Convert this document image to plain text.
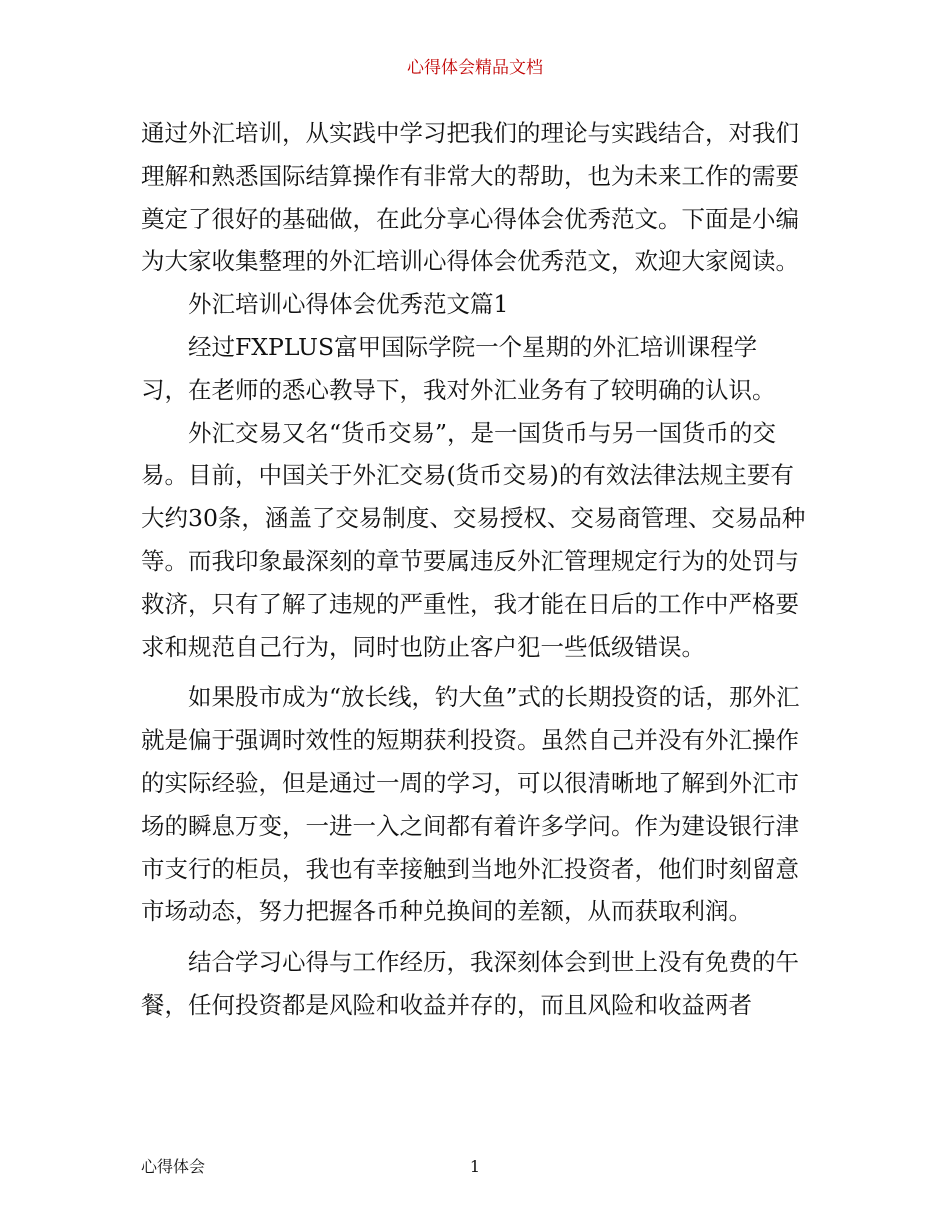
心得体会精品文档

通过外汇培训，从实践中学习把我们的理论与实践结合，对我们理解和熟悉国际结算操作有非常大的帮助，也为未来工作的需要奠定了很好的基础做，在此分享心得体会优秀范文。下面是小编为大家收集整理的外汇培训心得体会优秀范文，欢迎大家阅读。

外汇培训心得体会优秀范文篇1

经过FXPLUS富甲国际学院一个星期的外汇培训课程学习，在老师的悉心教导下，我对外汇业务有了较明确的认识。

外汇交易又名“货币交易”，是一国货币与另一国货币的交易。目前，中国关于外汇交易(货币交易)的有效法律法规主要有大约30条，涵盖了交易制度、交易授权、交易商管理、交易品种等。而我印象最深刻的章节要属违反外汇管理规定行为的处罚与救济，只有了解了违规的严重性，我才能在日后的工作中严格要求和规范自己行为，同时也防止客户犯一些低级错误。

如果股市成为“放长线，钓大鱼”式的长期投资的话，那外汇就是偏于强调时效性的短期获利投资。虽然自己并没有外汇操作的实际经验，但是通过一周的学习，可以很清晰地了解到外汇市场的瞬息万变，一进一入之间都有着许多学问。作为建设银行津市支行的柜员，我也有幸接触到当地外汇投资者，他们时刻留意市场动态，努力把握各币种兑换间的差额，从而获取利润。

结合学习心得与工作经历，我深刻体会到世上没有免费的午餐，任何投资都是风险和收益并存的，而且风险和收益两者

心得体会	1
